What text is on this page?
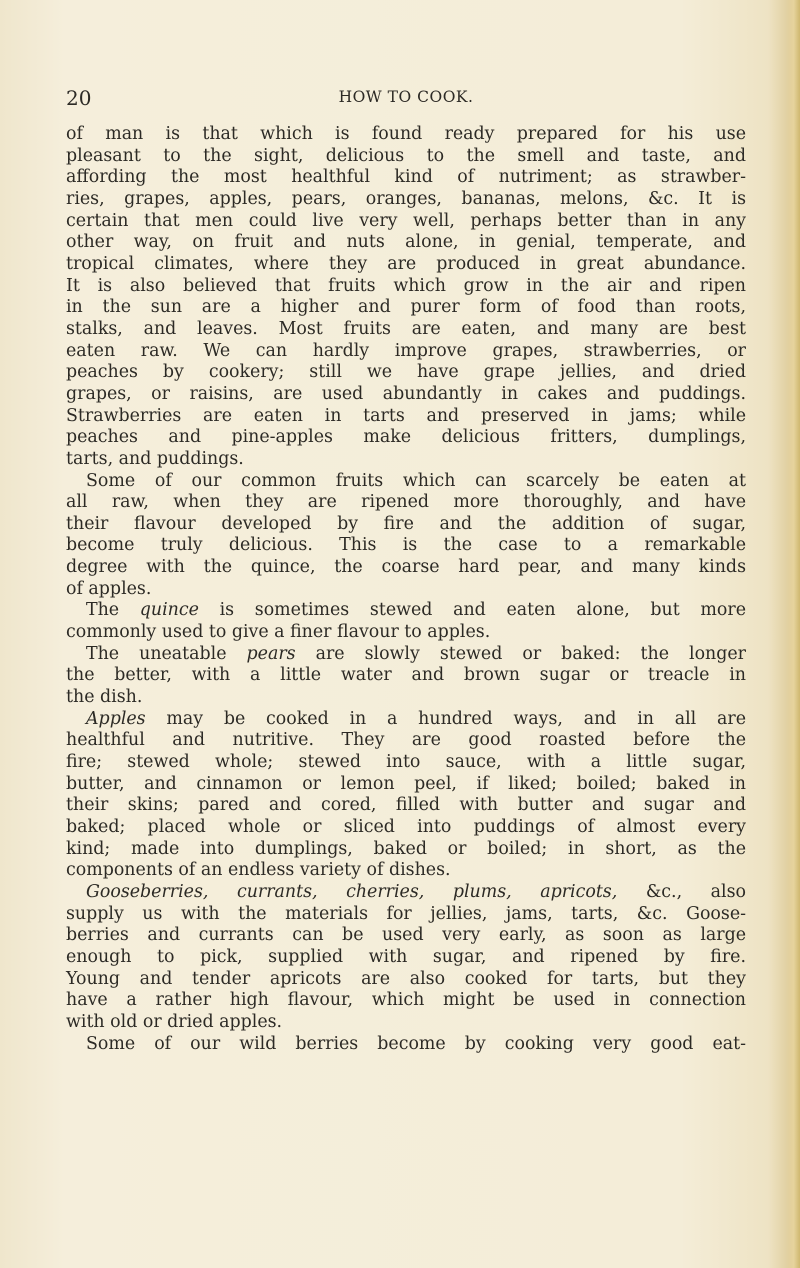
20	HOW TO COOK.
of man is that which is found ready prepared for his use
pleasant to the sight, delicious to the smell and taste, and
affording the most healthful kind of nutriment; as strawber-
ries, grapes, apples, pears, oranges, bananas, melons, &c. It is
certain that men could live very well, perhaps better than in any
other way, on fruit and nuts alone, in genial, temperate, and
tropical climates, where they are produced in great abundance.
It is also believed that fruits which grow in the air and ripen
in the sun are a higher and purer form of food than roots,
stalks, and leaves. Most fruits are eaten, and many are best
eaten raw. We can hardly improve grapes, strawberries, or
peaches by cookery; still we have grape jellies, and dried
grapes, or raisins, are used abundantly in cakes and puddings.
Strawberries are eaten in tarts and preserved in jams; while
peaches and pine-apples make delicious fritters, dumplings,
tarts, and puddings.
Some of our common fruits which can scarcely be eaten at
all raw, when they are ripened more thoroughly, and have
their flavour developed by fire and the addition of sugar,
become truly delicious. This is the case to a remarkable
degree with the quince, the coarse hard pear, and many kinds
of apples.
The quince is sometimes stewed and eaten alone, but more
commonly used to give a finer flavour to apples.
The uneatable pears are slowly stewed or baked: the longer
the better, with a little water and brown sugar or treacle in
the dish.
Apples may be cooked in a hundred ways, and in all are
healthful and nutritive. They are good roasted before the
fire; stewed whole; stewed into sauce, with a little sugar,
butter, and cinnamon or lemon peel, if liked; boiled; baked in
their skins; pared and cored, filled with butter and sugar and
baked; placed whole or sliced into puddings of almost every
kind; made into dumplings, baked or boiled; in short, as the
components of an endless variety of dishes.
Gooseberries, currants, cherries, plums, apricots, &c., also
supply us with the materials for jellies, jams, tarts, &c. Goose-
berries and currants can be used very early, as soon as large
enough to pick, supplied with sugar, and ripened by fire.
Young and tender apricots are also cooked for tarts, but they
have a rather high flavour, which might be used in connection
with old or dried apples.
Some of our wild berries become by cooking very good eat-
